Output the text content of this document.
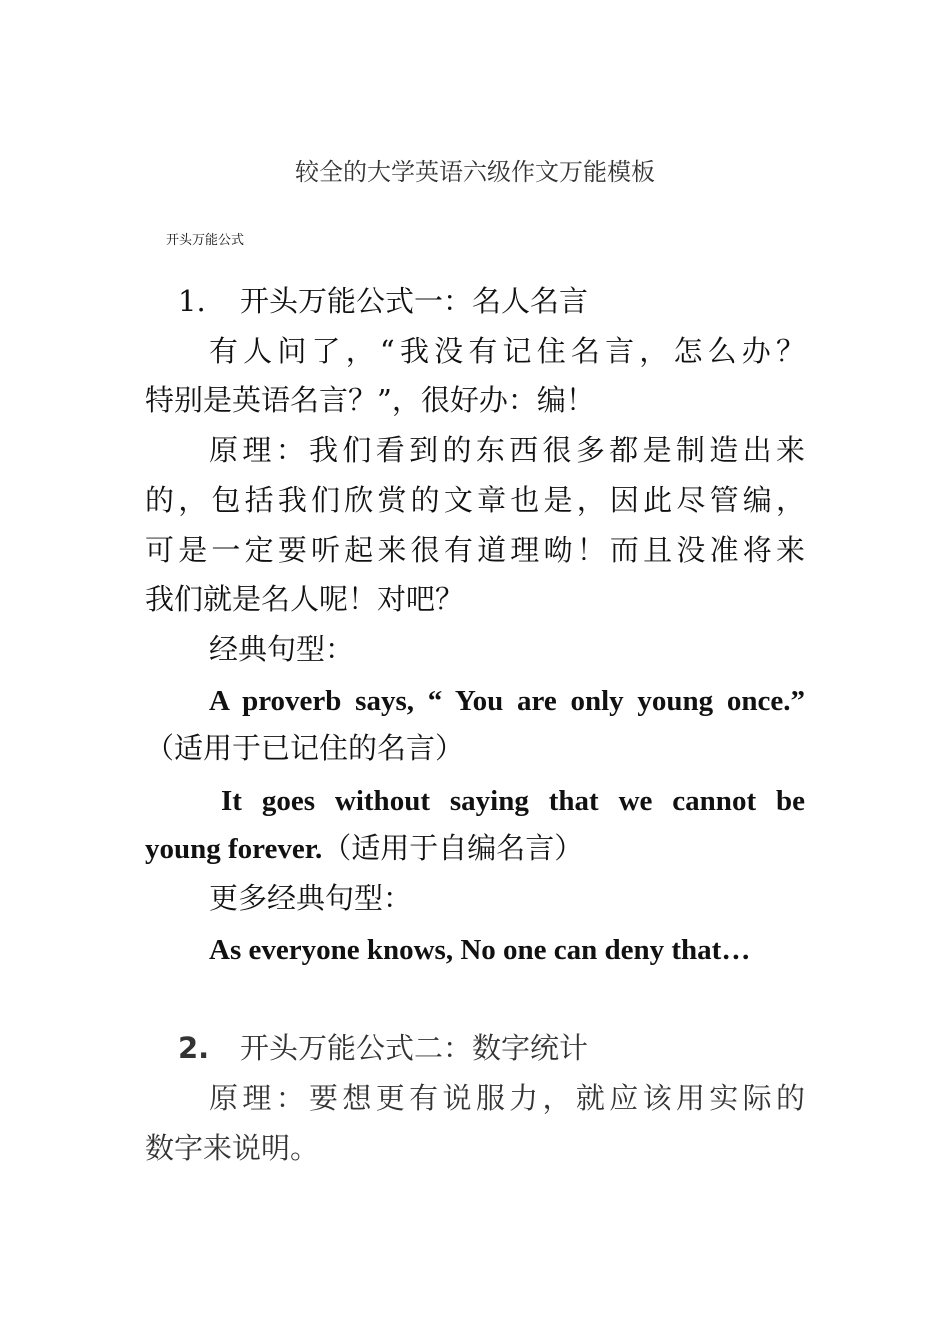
较全的大学英语六级作文万能模板
开头万能公式
1. 开头万能公式一：名人名言
有人问了，“我没有记住名言，怎么办？
特别是英语名言？”，很好办：编！
原理：我们看到的东西很多都是制造出来
的，包括我们欣赏的文章也是，因此尽管编，
可是一定要听起来很有道理呦！而且没准将来
我们就是名人呢！对吧？
经典句型：
A proverb says, “ You are only young once.”
（适用于已记住的名言）
It goes without saying that we cannot be
young forever.（适用于自编名言）
更多经典句型：
As everyone knows, No one can deny that…
2. 开头万能公式二：数字统计
原理：要想更有说服力，就应该用实际的
数字来说明。
